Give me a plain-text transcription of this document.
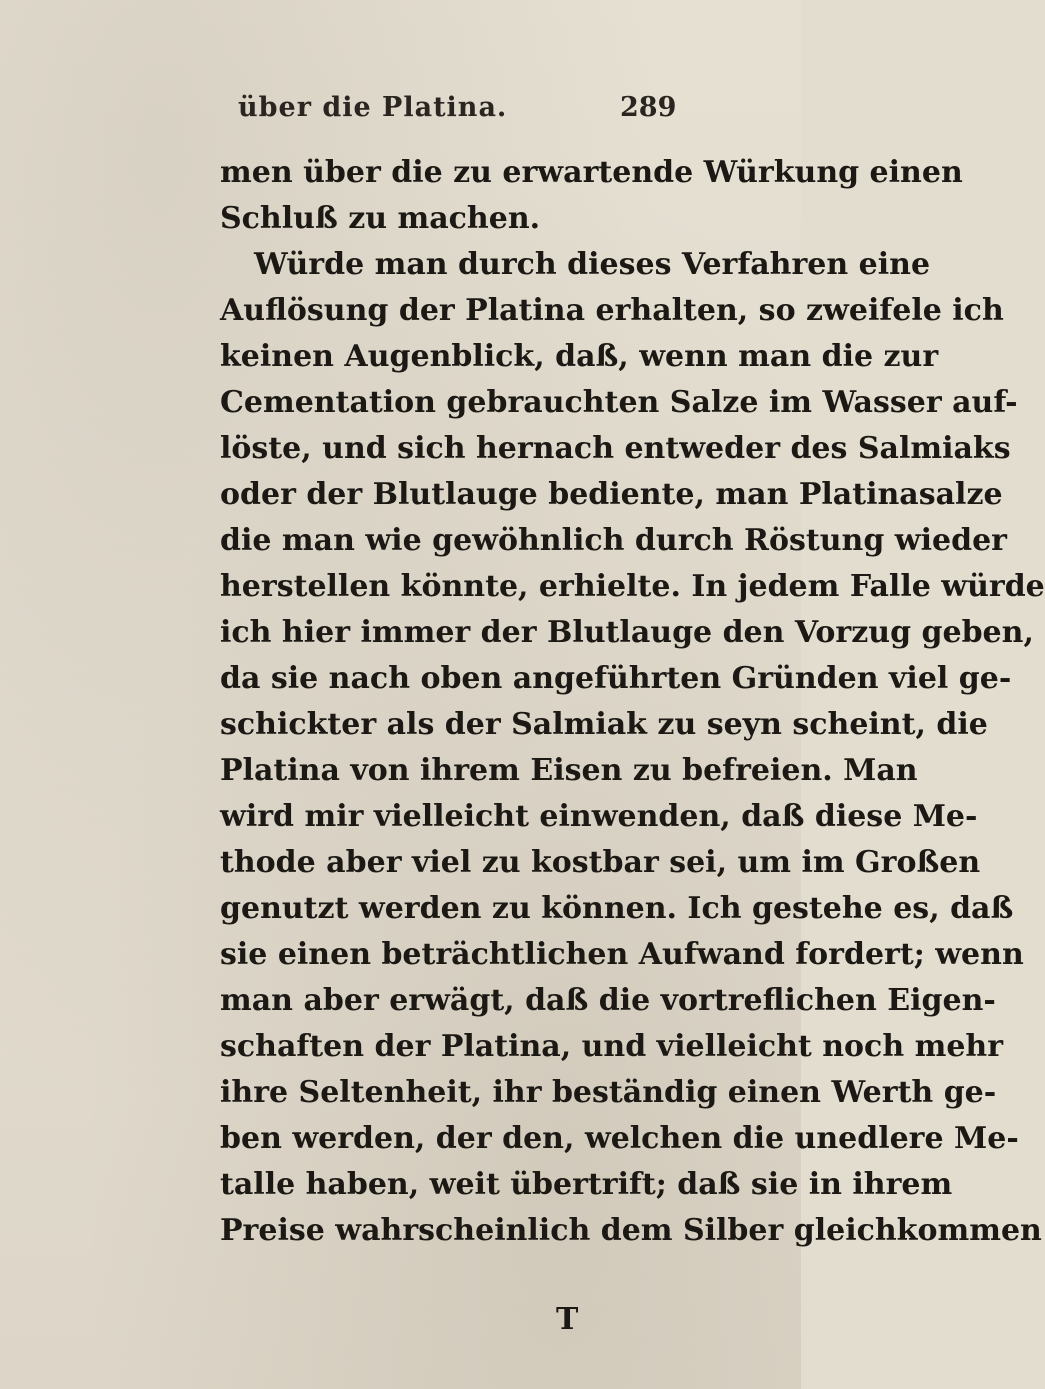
über die Platina.	289
men über die zu erwartende Würkung einen
Schluß zu machen.
Würde man durch dieses Verfahren eine
Auflösung der Platina erhalten, so zweifele ich
keinen Augenblick, daß, wenn man die zur
Cementation gebrauchten Salze im Wasser auf-
löste, und sich hernach entweder des Salmiaks
oder der Blutlauge bediente, man Platinasalze
die man wie gewöhnlich durch Röstung wieder
herstellen könnte, erhielte. In jedem Falle würde
ich hier immer der Blutlauge den Vorzug geben,
da sie nach oben angeführten Gründen viel ge-
schickter als der Salmiak zu seyn scheint, die
Platina von ihrem Eisen zu befreien. Man
wird mir vielleicht einwenden, daß diese Me-
thode aber viel zu kostbar sei, um im Großen
genutzt werden zu können. Ich gestehe es, daß
sie einen beträchtlichen Aufwand fordert; wenn
man aber erwägt, daß die vortreflichen Eigen-
schaften der Platina, und vielleicht noch mehr
ihre Seltenheit, ihr beständig einen Werth ge-
ben werden, der den, welchen die unedlere Me-
talle haben, weit übertrift; daß sie in ihrem
Preise wahrscheinlich dem Silber gleichkommen
T
